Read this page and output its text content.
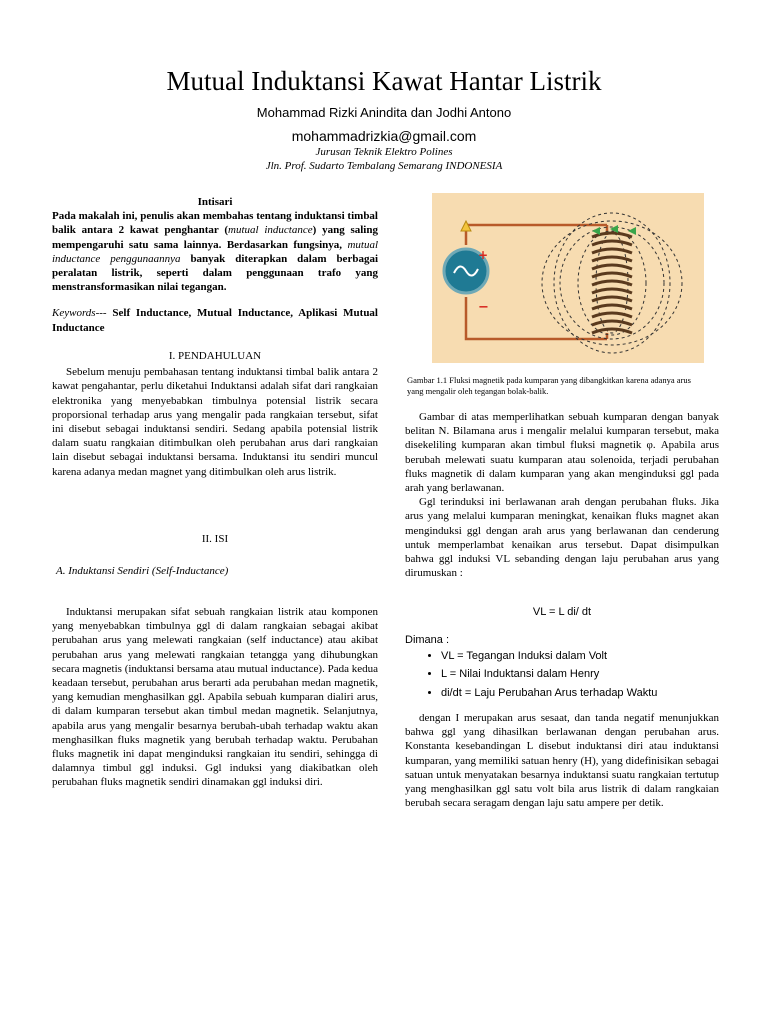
Mutual Induktansi Kawat Hantar Listrik
Mohammad Rizki Anindita dan Jodhi Antono
mohammadrizkia@gmail.com
Jurusan Teknik Elektro Polines
Jln. Prof. Sudarto Tembalang Semarang INDONESIA

Intisari

Pada makalah ini, penulis akan membahas tentang induktansi timbal balik antara 2 kawat penghantar (mutual inductance) yang saling mempengaruhi satu sama lainnya. Berdasarkan fungsinya, mutual inductance penggunaannya banyak diterapkan dalam berbagai peralatan listrik, seperti dalam penggunaan trafo yang menstransformasikan nilai tegangan.

Keywords--- Self Inductance, Mutual Inductance, Aplikasi Mutual Inductance

I. PENDAHULUAN

Sebelum menuju pembahasan tentang induktansi timbal balik antara 2 kawat pengahantar, perlu diketahui Induktansi adalah sifat dari rangkaian elektronika yang menyebabkan timbulnya potensial listrik secara proporsional terhadap arus yang mengalir pada rangkaian tersebut, sifat ini disebut sebagai induktansi sendiri. Sedang apabila potensial listrik dalam suatu rangkaian ditimbulkan oleh perubahan arus dari rangkaian lain disebut sebagai induktansi bersama. Induktansi itu sendiri muncul karena adanya medan magnet yang ditimbulkan oleh arus listrik.

II. ISI

A. Induktansi Sendiri (Self-Inductance)

Induktansi merupakan sifat sebuah rangkaian listrik atau komponen yang menyebabkan timbulnya ggl di dalam rangkaian sebagai akibat perubahan arus yang melewati rangkaian (self inductance) atau akibat perubahan arus yang melewati rangkaian tetangga yang dihubungkan secara magnetis (induktansi bersama atau mutual inductance). Pada kedua keadaan tersebut, perubahan arus berarti ada perubahan medan magnetik, yang kemudian menghasilkan ggl. Apabila sebuah kumparan dialiri arus, di dalam kumparan tersebut akan timbul medan magnetik. Selanjutnya, apabila arus yang mengalir besarnya berubah-ubah terhadap waktu akan menghasilkan fluks magnetik yang berubah terhadap waktu. Perubahan fluks magnetik ini dapat menginduksi rangkaian itu sendiri, sehingga di dalamnya timbul ggl induksi. Ggl induksi yang diakibatkan oleh perubahan fluks magnetik sendiri dinamakan ggl induksi diri.

+
−
Gambar 1.1 Fluksi magnetik pada kumparan yang dibangkitkan karena adanya arus yang mengalir oleh tegangan bolak-balik.

Gambar di atas memperlihatkan sebuah kumparan dengan banyak belitan N. Bilamana arus i mengalir melalui kumparan tersebut, maka disekeliling kumparan akan timbul fluksi magnetik φ. Apabila arus berubah melewati suatu kumparan atau solenoida, terjadi perubahan fluks magnetik di dalam kumparan yang akan menginduksi ggl pada arah yang berlawanan.

Ggl terinduksi ini berlawanan arah dengan perubahan fluks. Jika arus yang melalui kumparan meningkat, kenaikan fluks magnet akan menginduksi ggl dengan arah arus yang berlawanan dan cenderung untuk memperlambat kenaikan arus tersebut. Dapat disimpulkan bahwa ggl induksi VL sebanding dengan laju perubahan arus yang dirumuskan :

VL = L di/ dt

Dimana :

• VL = Tegangan Induksi dalam Volt
• L = Nilai Induktansi dalam Henry
• di/dt = Laju Perubahan Arus terhadap Waktu

dengan I merupakan arus sesaat, dan tanda negatif menunjukkan bahwa ggl yang dihasilkan berlawanan dengan perubahan arus. Konstanta kesebandingan L disebut induktansi diri atau induktansi kumparan, yang memiliki satuan henry (H), yang didefinisikan sebagai satuan untuk menyatakan besarnya induktansi suatu rangkaian tertutup yang menghasilkan ggl satu volt bila arus listrik di dalam rangkaian berubah secara seragam dengan laju satu ampere per detik.
